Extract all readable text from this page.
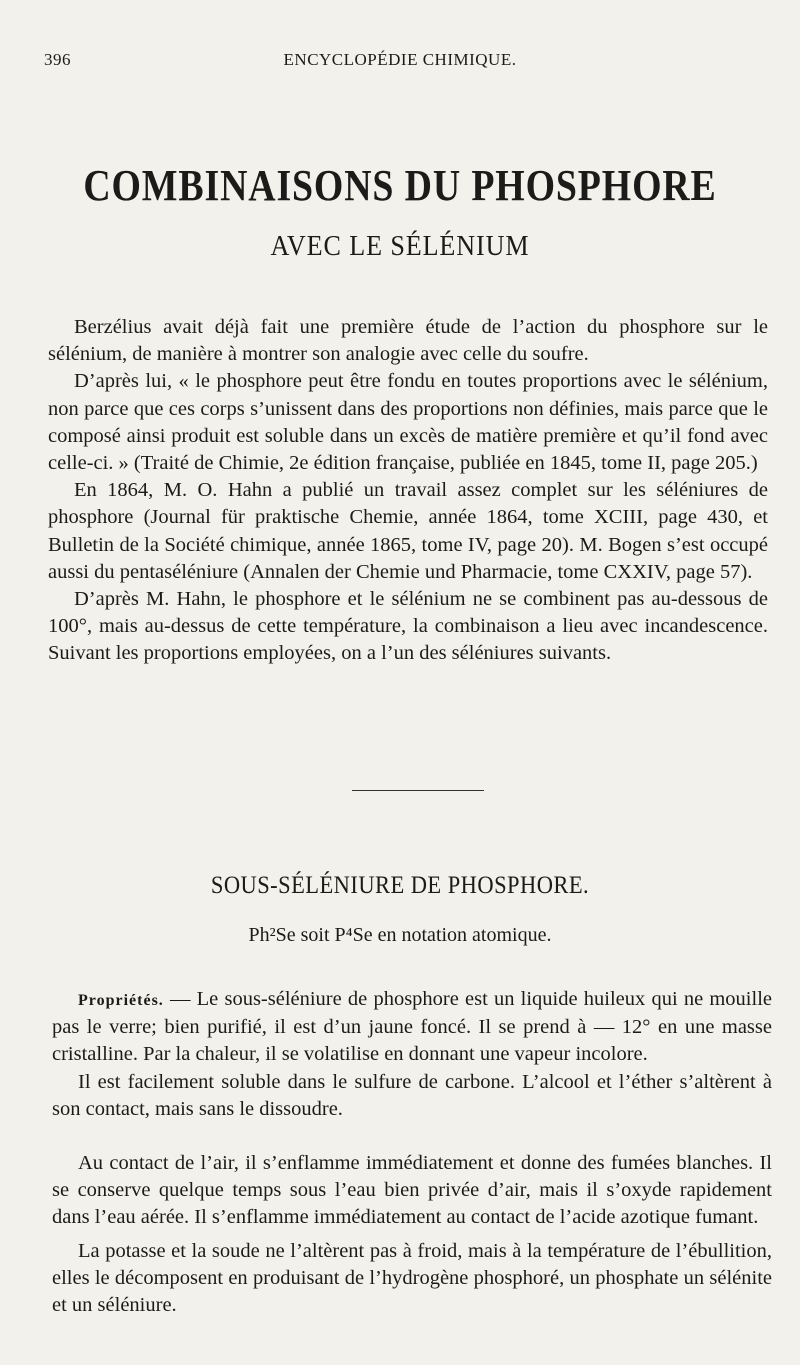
396	ENCYCLOPÉDIE CHIMIQUE.
COMBINAISONS DU PHOSPHORE
AVEC LE SÉLÉNIUM

Berzélius avait déjà fait une première étude de l’action du phosphore sur le sélénium, de manière à montrer son analogie avec celle du soufre.

D’après lui, « le phosphore peut être fondu en toutes proportions avec le sélénium, non parce que ces corps s’unissent dans des proportions non définies, mais parce que le composé ainsi produit est soluble dans un excès de matière première et qu’il fond avec celle-ci. » (Traité de Chimie, 2e édition française, publiée en 1845, tome II, page 205.)

En 1864, M. O. Hahn a publié un travail assez complet sur les séléniures de phosphore (Journal für praktische Chemie, année 1864, tome XCIII, page 430, et Bulletin de la Société chimique, année 1865, tome IV, page 20). M. Bogen s’est occupé aussi du pentaséléniure (Annalen der Chemie und Pharmacie, tome CXXIV, page 57).

D’après M. Hahn, le phosphore et le sélénium ne se combinent pas au-dessous de 100°, mais au-dessus de cette température, la combinaison a lieu avec incandescence. Suivant les proportions employées, on a l’un des séléniures suivants.

SOUS-SÉLÉNIURE DE PHOSPHORE.
Ph²Se soit P⁴Se en notation atomique.

Propriétés. — Le sous-séléniure de phosphore est un liquide huileux qui ne mouille pas le verre; bien purifié, il est d’un jaune foncé. Il se prend à — 12° en une masse cristalline. Par la chaleur, il se volatilise en donnant une vapeur incolore.

Il est facilement soluble dans le sulfure de carbone. L’alcool et l’éther s’altèrent à son contact, mais sans le dissoudre.

Au contact de l’air, il s’enflamme immédiatement et donne des fumées blanches. Il se conserve quelque temps sous l’eau bien privée d’air, mais il s’oxyde rapidement dans l’eau aérée. Il s’enflamme immédiatement au contact de l’acide azotique fumant.

La potasse et la soude ne l’altèrent pas à froid, mais à la température de l’ébullition, elles le décomposent en produisant de l’hydrogène phosphoré, un phosphate un sélénite et un séléniure.
